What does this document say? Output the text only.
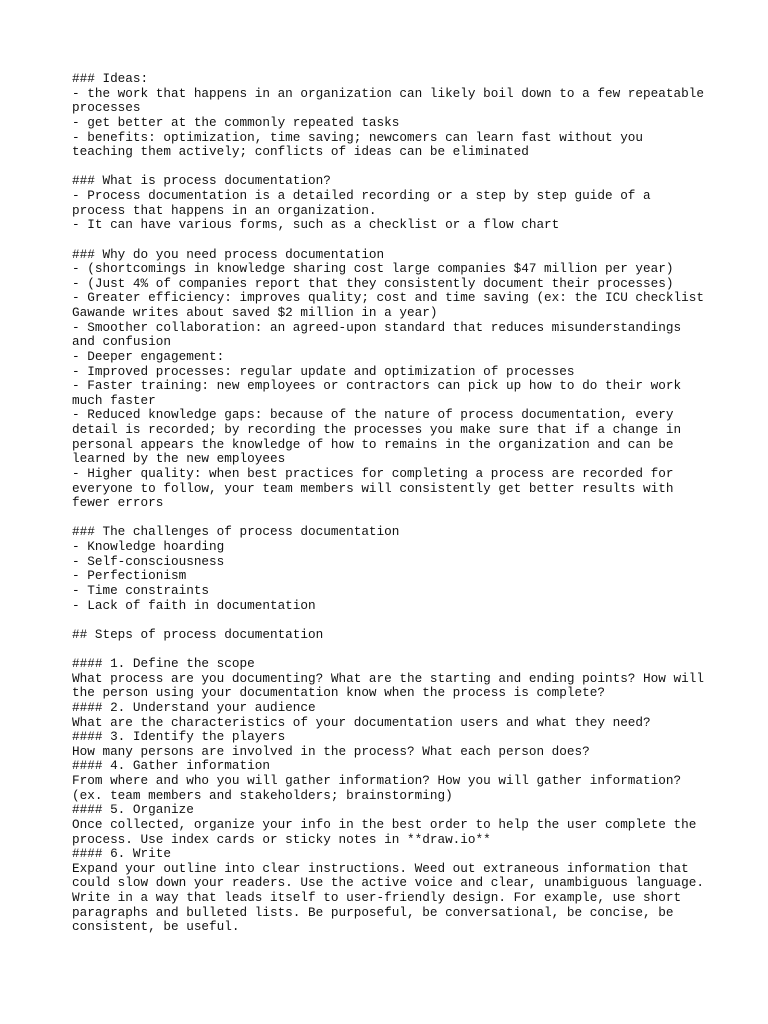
### Ideas:
- the work that happens in an organization can likely boil down to a few repeatable
processes
- get better at the commonly repeated tasks
- benefits: optimization, time saving; newcomers can learn fast without you
teaching them actively; conflicts of ideas can be eliminated
### What is process documentation?
- Process documentation is a detailed recording or a step by step guide of a
process that happens in an organization.
- It can have various forms, such as a checklist or a flow chart
### Why do you need process documentation
- (shortcomings in knowledge sharing cost large companies $47 million per year)
- (Just 4% of companies report that they consistently document their processes)
- Greater efficiency: improves quality; cost and time saving (ex: the ICU checklist
Gawande writes about saved $2 million in a year)
- Smoother collaboration: an agreed-upon standard that reduces misunderstandings
and confusion
- Deeper engagement:
- Improved processes: regular update and optimization of processes
- Faster training: new employees or contractors can pick up how to do their work
much faster
- Reduced knowledge gaps: because of the nature of process documentation, every
detail is recorded; by recording the processes you make sure that if a change in
personal appears the knowledge of how to remains in the organization and can be
learned by the new employees
- Higher quality: when best practices for completing a process are recorded for
everyone to follow, your team members will consistently get better results with
fewer errors
### The challenges of process documentation
- Knowledge hoarding
- Self-consciousness
- Perfectionism
- Time constraints
- Lack of faith in documentation
## Steps of process documentation
#### 1. Define the scope
What process are you documenting? What are the starting and ending points? How will
the person using your documentation know when the process is complete?
#### 2. Understand your audience
What are the characteristics of your documentation users and what they need?
#### 3. Identify the players
How many persons are involved in the process? What each person does?
#### 4. Gather information
From where and who you will gather information? How you will gather information?
(ex. team members and stakeholders; brainstorming)
#### 5. Organize
Once collected, organize your info in the best order to help the user complete the
process. Use index cards or sticky notes in **draw.io**
#### 6. Write
Expand your outline into clear instructions. Weed out extraneous information that
could slow down your readers. Use the active voice and clear, unambiguous language.
Write in a way that leads itself to user-friendly design. For example, use short
paragraphs and bulleted lists. Be purposeful, be conversational, be concise, be
consistent, be useful.
